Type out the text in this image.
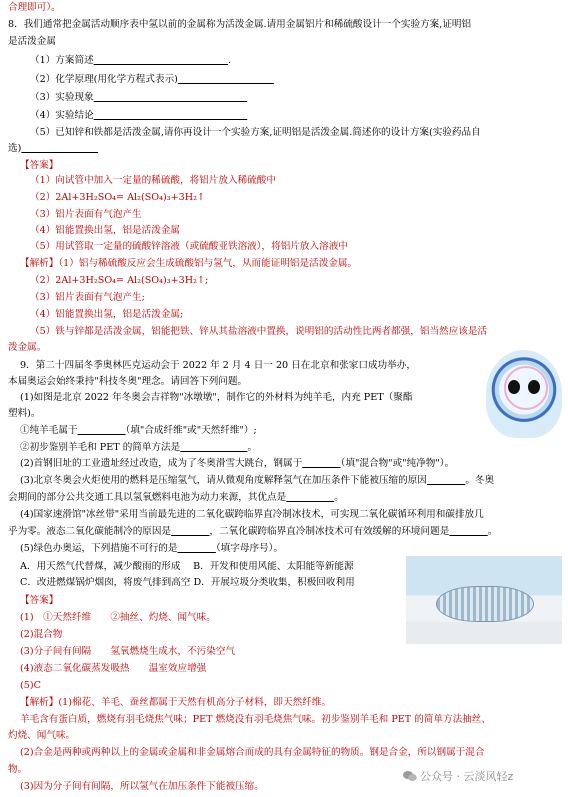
合理即可）。
8．我们通常把金属活动顺序表中氢以前的金属称为活泼金属.请用金属铝片和稀硫酸设计一个实验方案,证明铝
是活泼金属
（1）方案简述　　　　　　　　　　　　　　	.
（2）化学原理(用化学方程式表示)　　　　　　　　　　
（3）实验现象　　　　　　　　　　　　　　　　
（4）实验结论　　　　　　　　　　　　　　　　
（5）已知锌和铁都是活泼金属,请你再设计一个实验方案,证明铝是活泼金属.简述你的设计方案(实验药品自
选)　　　　　　　　
【答案】
（1）向试管中加入一定量的稀硫酸，将铝片放入稀硫酸中
（2）2Al+3H₂SO₄= Al₂(SO₄)₃+3H₂↑
（3）铝片表面有气泡产生
（4）铝能置换出氢，铝是活泼金属
（5）用试管取一定量的硫酸锌溶液（或硫酸亚铁溶液），将铝片放入溶液中
【解析】（1）铝与稀硫酸反应会生成硫酸铝与氢气，从而能证明铝是活泼金属。
（2）2Al+3H₂SO₄= Al₂(SO₄)₃+3H₂↑;
（3）铝片表面有气泡产生;
（4）铝能置换出氢，铝是活泼金属;
（5）铁与锌都是活泼金属，铝能把铁、锌从其盐溶液中置换，说明铝的活动性比两者都强，铝当然应该是活
泼金属。
9．第二十四届冬季奥林匹克运动会于 2022 年 2 月 4 日一 20 日在北京和张家口成功举办，
本届奥运会始终秉持"科技冬奥"理念。请回答下列问题。
(1)如图是北京 2022 年冬奥会吉祥物"冰墩墩"，制作它的外材料为纯羊毛，内充 PET（聚酯
塑料)。
①纯羊毛属于　　　　　	（填"合成纤维"或"天然纤维"）;
②初步鉴别羊毛和 PET 的简单方法是　　　　　　　	。
(2)首钢旧址的工业遗址经过改造，成为了冬奥滑雪大跳台，钢属于　　　　	（填"混合物"或"纯净物"）。
(3)北京冬奥会火炬使用的燃料是压缩氢气，请从微观角度解释氢气在加压条件下能被压缩的原因　　　　	。冬奥
会期间的部分公共交通工具以氢氧燃料电池为动力来源，其优点是　　　　　	。
(4)国家速滑馆"冰丝带"采用当前最先进的二氧化碳跨临界直冷制冰技术，可实现二氧化碳循环利用和碳排放几
乎为零。液态二氧化碳能制冷的原因是　　　　	，二氧化碳跨临界直冷制冰技术可有效缓解的环境问题是　　　　	。
(5)绿色办奥运，下列措施不可行的是　　　　	（填字母序号）。
A．用天然气代替煤，减少酸雨的形成　 B．开发和使用风能、太阳能等新能源
C．改进燃煤锅炉烟囱，将废气排到高空 D．开展垃圾分类收集，积极回收利用
【答案】
(1)　①天然纤维　　②抽丝、灼烧、闻气味。
(2)混合物
(3)分子间有间隔　　氢氧燃烧生成水，不污染空气
(4)液态二氧化碳蒸发吸热　　温室效应增强
(5)C
【解析】(1)棉花、羊毛、蚕丝都属于天然有机高分子材料，即天然纤维。
羊毛含有蛋白质，燃烧有羽毛烧焦气味；PET 燃烧没有羽毛烧焦气味。初步鉴别羊毛和 PET 的简单方法抽丝、
灼烧、闻气味。
(2)合金是两种或两种以上的金属或金属和非金属熔合而成的具有金属特征的物质。钢是合金，所以钢属于混合
物。
(3)因为分子间有间隔，所以氢气在加压条件下能被压缩。
公众号 · 云淡风轻z
